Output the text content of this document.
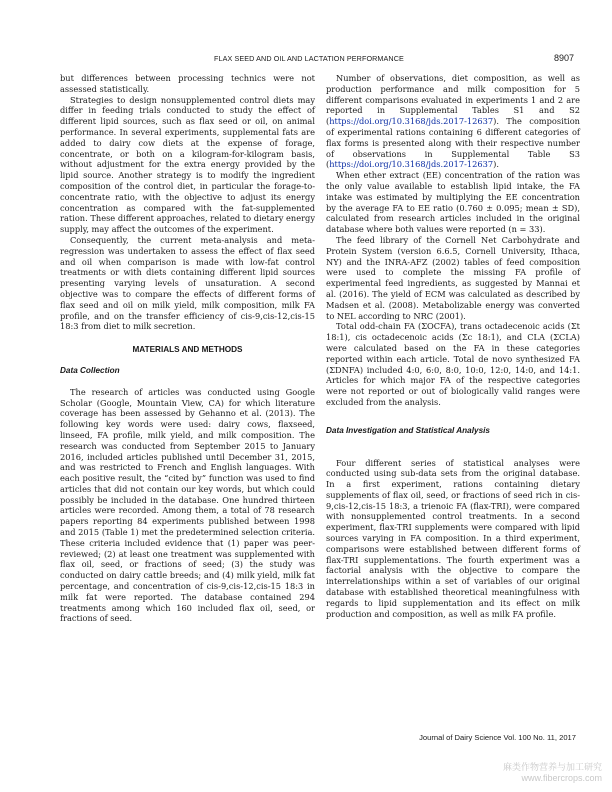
FLAX SEED AND OIL AND LACTATION PERFORMANCE	8907

but differences between processing technics were not assessed statistically.

Strategies to design nonsupplemented control diets may differ in feeding trials conducted to study the effect of different lipid sources, such as flax seed or oil, on animal performance. In several experiments, supplemental fats are added to dairy cow diets at the expense of forage, concentrate, or both on a kilogram-for-kilogram basis, without adjustment for the extra energy provided by the lipid source. Another strategy is to modify the ingredient composition of the control diet, in particular the forage-to-concentrate ratio, with the objective to adjust its energy concentration as compared with the fat-supplemented ration. These different approaches, related to dietary energy supply, may affect the outcomes of the experiment.

Consequently, the current meta-analysis and meta-regression was undertaken to assess the effect of flax seed and oil when comparison is made with low-fat control treatments or with diets containing different lipid sources presenting varying levels of unsaturation. A second objective was to compare the effects of different forms of flax seed and oil on milk yield, milk composition, milk FA profile, and on the transfer efficiency of cis-9,cis-12,cis-15 18:3 from diet to milk secretion.

MATERIALS AND METHODS
Data Collection

The research of articles was conducted using Google Scholar (Google, Mountain View, CA) for which literature coverage has been assessed by Gehanno et al. (2013). The following key words were used: dairy cows, flaxseed, linseed, FA profile, milk yield, and milk composition. The research was conducted from September 2015 to January 2016, included articles published until December 31, 2015, and was restricted to French and English languages. With each positive result, the “cited by” function was used to find articles that did not contain our key words, but which could possibly be included in the database. One hundred thirteen articles were recorded. Among them, a total of 78 research papers reporting 84 experiments published between 1998 and 2015 (Table 1) met the predetermined selection criteria. These criteria included evidence that (1) paper was peer-reviewed; (2) at least one treatment was supplemented with flax oil, seed, or fractions of seed; (3) the study was conducted on dairy cattle breeds; and (4) milk yield, milk fat percentage, and concentration of cis-9,cis-12,cis-15 18:3 in milk fat were reported. The database contained 294 treatments among which 160 included flax oil, seed, or fractions of seed.

Number of observations, diet composition, as well as production performance and milk composition for 5 different comparisons evaluated in experiments 1 and 2 are reported in Supplemental Tables S1 and S2 (https://doi.org/10.3168/jds.2017-12637). The composition of experimental rations containing 6 different categories of flax forms is presented along with their respective number of observations in Supplemental Table S3 (https://doi.org/10.3168/jds.2017-12637).

When ether extract (EE) concentration of the ration was the only value available to establish lipid intake, the FA intake was estimated by multiplying the EE concentration by the average FA to EE ratio (0.760 ± 0.095; mean ± SD), calculated from research articles included in the original database where both values were reported (n = 33).

The feed library of the Cornell Net Carbohydrate and Protein System (version 6.6.5, Cornell University, Ithaca, NY) and the INRA-AFZ (2002) tables of feed composition were used to complete the missing FA profile of experimental feed ingredients, as suggested by Mannai et al. (2016). The yield of ECM was calculated as described by Madsen et al. (2008). Metabolizable energy was converted to NEL according to NRC (2001).

Total odd-chain FA (ΣOCFA), trans octadecenoic acids (Σt 18:1), cis octadecenoic acids (Σc 18:1), and CLA (ΣCLA) were calculated based on the FA in these categories reported within each article. Total de novo synthesized FA (ΣDNFA) included 4:0, 6:0, 8:0, 10:0, 12:0, 14:0, and 14:1. Articles for which major FA of the respective categories were not reported or out of biologically valid ranges were excluded from the analysis.

Data Investigation and Statistical Analysis

Four different series of statistical analyses were conducted using sub-data sets from the original database. In a first experiment, rations containing dietary supplements of flax oil, seed, or fractions of seed rich in cis-9,cis-12,cis-15 18:3, a trienoic FA (flax-TRI), were compared with nonsupplemented control treatments. In a second experiment, flax-TRI supplements were compared with lipid sources varying in FA composition. In a third experiment, comparisons were established between different forms of flax-TRI supplementations. The fourth experiment was a factorial analysis with the objective to compare the interrelationships within a set of variables of our original database with established theoretical meaningfulness with regards to lipid supplementation and its effect on milk production and composition, as well as milk FA profile.

Journal of Dairy Science Vol. 100 No. 11, 2017
麻类作物营养与加工研究
www.fibercrops.com
